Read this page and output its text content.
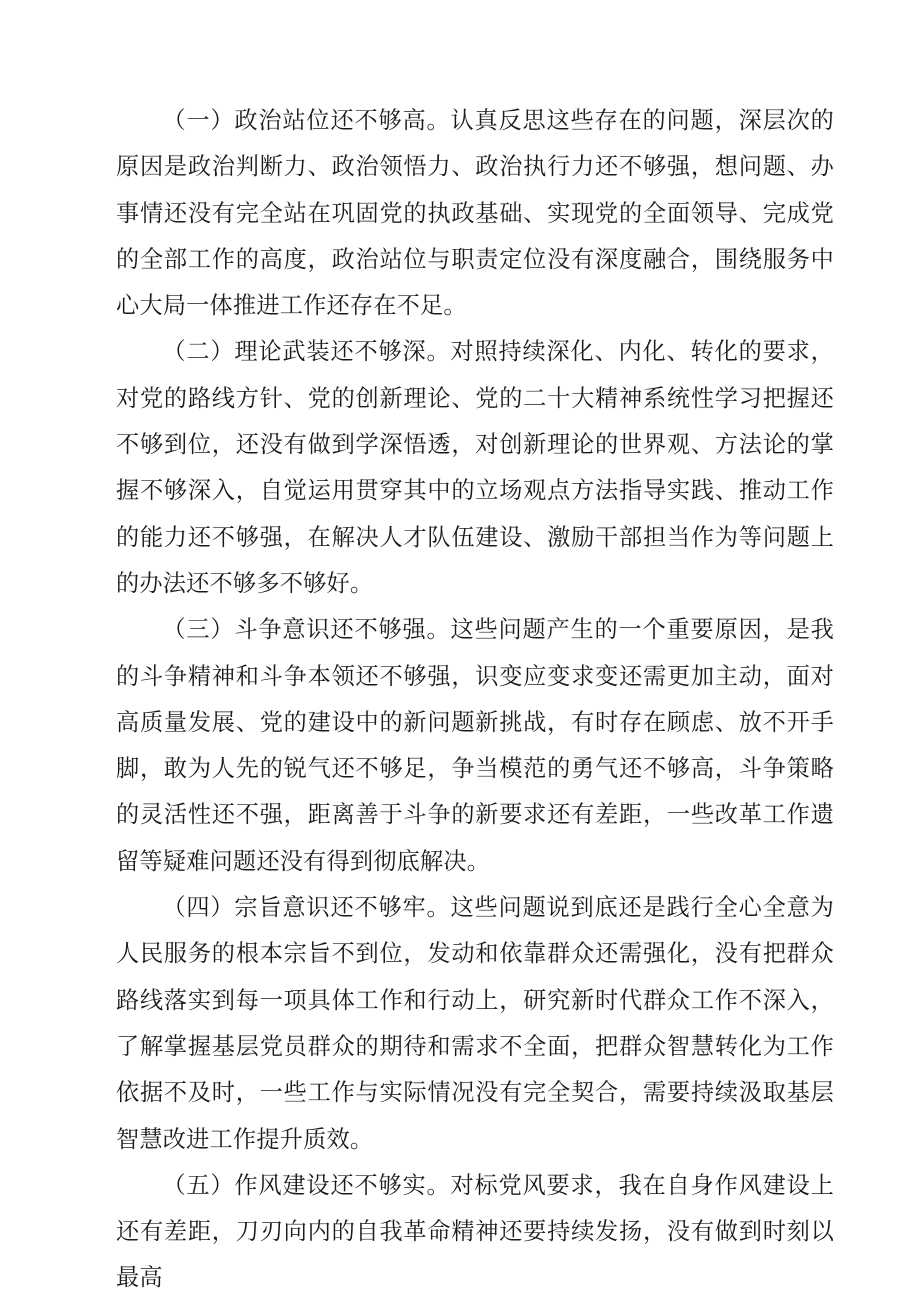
（一）政治站位还不够高。认真反思这些存在的问题，深层次的原因是政治判断力、政治领悟力、政治执行力还不够强，想问题、办事情还没有完全站在巩固党的执政基础、实现党的全面领导、完成党的全部工作的高度，政治站位与职责定位没有深度融合，围绕服务中心大局一体推进工作还存在不足。

（二）理论武装还不够深。对照持续深化、内化、转化的要求，对党的路线方针、党的创新理论、党的二十大精神系统性学习把握还不够到位，还没有做到学深悟透，对创新理论的世界观、方法论的掌握不够深入，自觉运用贯穿其中的立场观点方法指导实践、推动工作的能力还不够强，在解决人才队伍建设、激励干部担当作为等问题上的办法还不够多不够好。

（三）斗争意识还不够强。这些问题产生的一个重要原因，是我的斗争精神和斗争本领还不够强，识变应变求变还需更加主动，面对高质量发展、党的建设中的新问题新挑战，有时存在顾虑、放不开手脚，敢为人先的锐气还不够足，争当模范的勇气还不够高，斗争策略的灵活性还不强，距离善于斗争的新要求还有差距，一些改革工作遗留等疑难问题还没有得到彻底解决。

（四）宗旨意识还不够牢。这些问题说到底还是践行全心全意为人民服务的根本宗旨不到位，发动和依靠群众还需强化，没有把群众路线落实到每一项具体工作和行动上，研究新时代群众工作不深入，了解掌握基层党员群众的期待和需求不全面，把群众智慧转化为工作依据不及时，一些工作与实际情况没有完全契合，需要持续汲取基层智慧改进工作提升质效。

（五）作风建设还不够实。对标党风要求，我在自身作风建设上还有差距，刀刃向内的自我革命精神还要持续发扬，没有做到时刻以最高
